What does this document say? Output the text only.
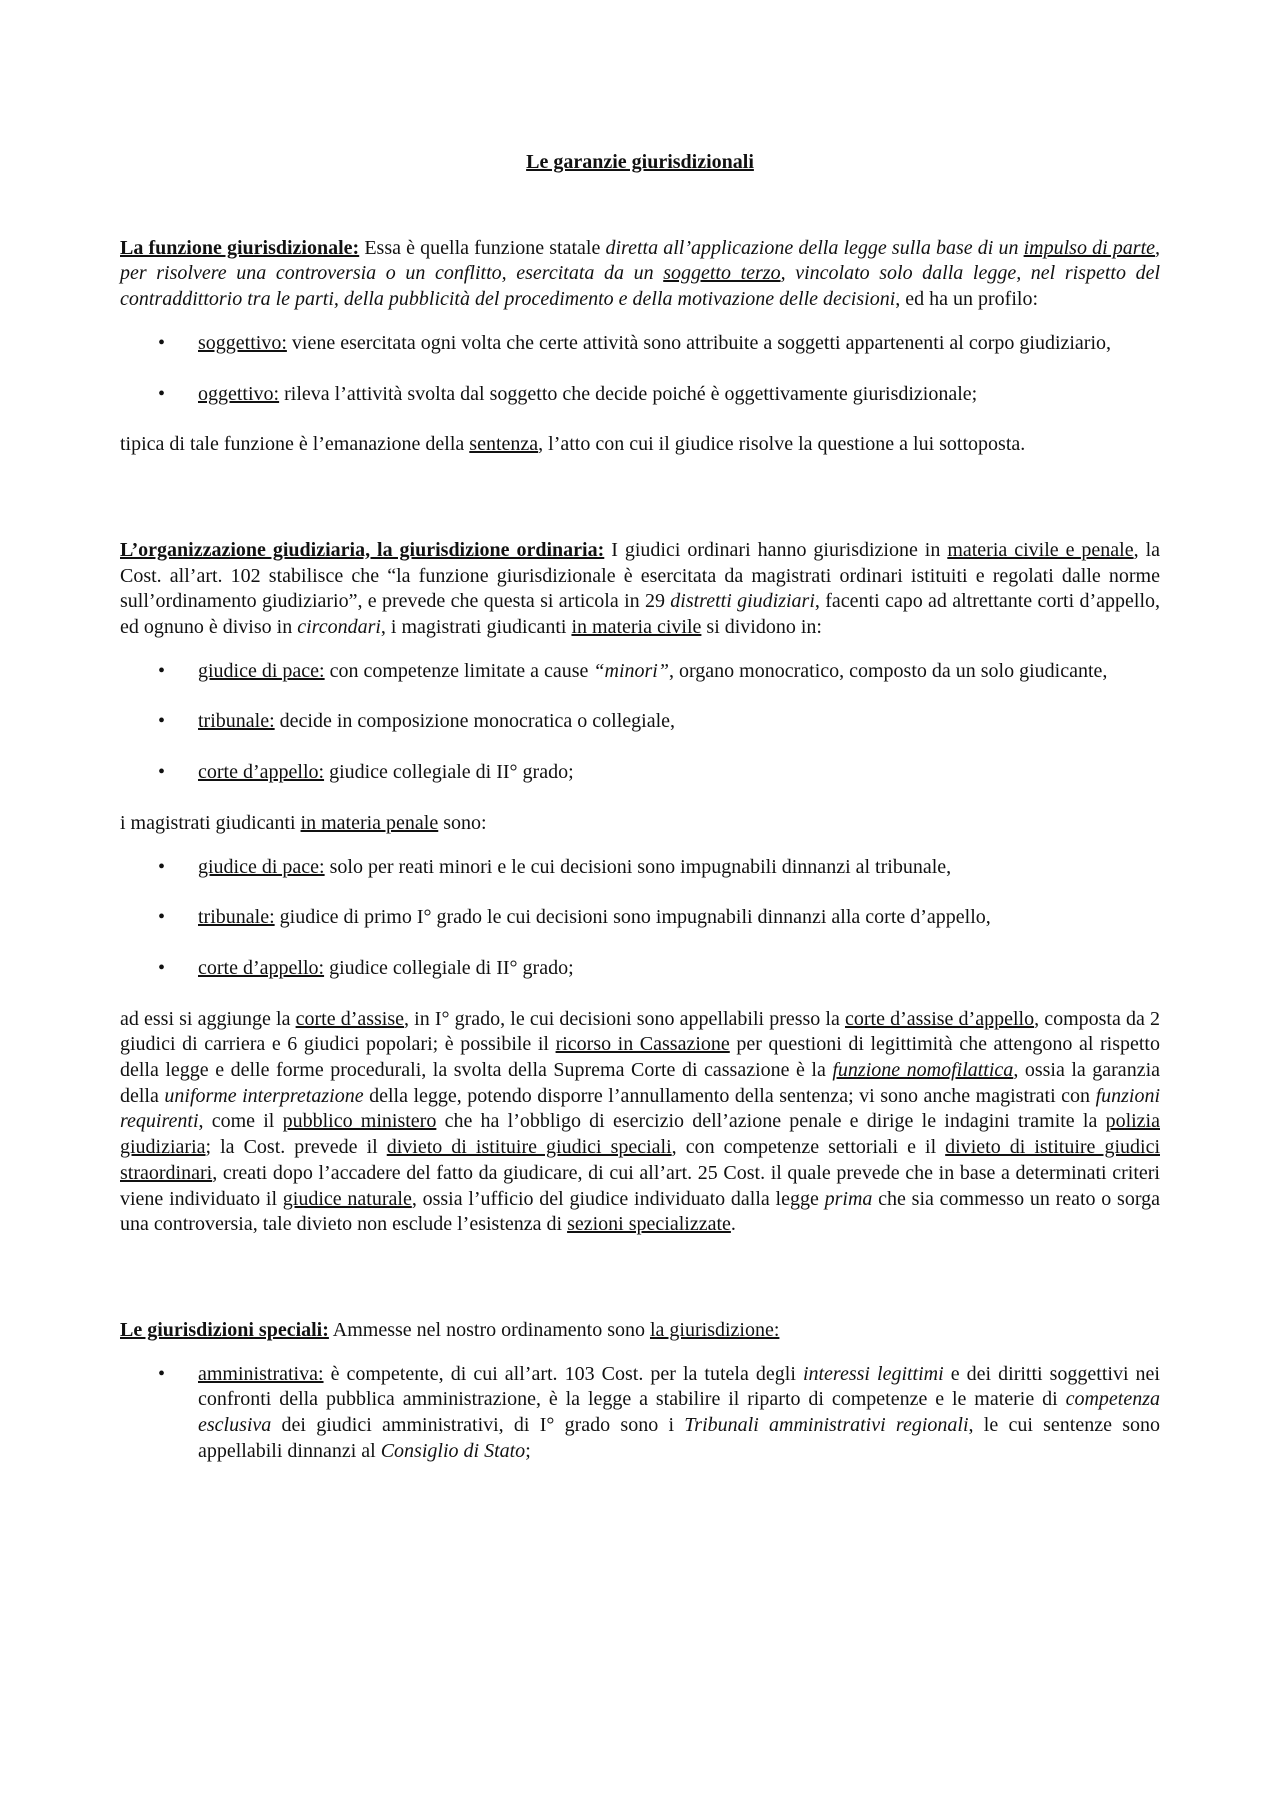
Le garanzie giurisdizionali

La funzione giurisdizionale: Essa è quella funzione statale diretta all’applicazione della legge sulla base di un impulso di parte, per risolvere una controversia o un conflitto, esercitata da un soggetto terzo, vincolato solo dalla legge, nel rispetto del contraddittorio tra le parti, della pubblicità del procedimento e della motivazione delle decisioni, ed ha un profilo:

• soggettivo: viene esercitata ogni volta che certe attività sono attribuite a soggetti appartenenti al corpo giudiziario,
• oggettivo: rileva l’attività svolta dal soggetto che decide poiché è oggettivamente giurisdizionale;

tipica di tale funzione è l’emanazione della sentenza, l’atto con cui il giudice risolve la questione a lui sottoposta.

L’organizzazione giudiziaria, la giurisdizione ordinaria: I giudici ordinari hanno giurisdizione in materia civile e penale, la Cost. all’art. 102 stabilisce che “la funzione giurisdizionale è esercitata da magistrati ordinari istituiti e regolati dalle norme sull’ordinamento giudiziario”, e prevede che questa si articola in 29 distretti giudiziari, facenti capo ad altrettante corti d’appello, ed ognuno è diviso in circondari, i magistrati giudicanti in materia civile si dividono in:

• giudice di pace: con competenze limitate a cause “minori”, organo monocratico, composto da un solo giudicante,
• tribunale: decide in composizione monocratica o collegiale,
• corte d’appello: giudice collegiale di II° grado;

i magistrati giudicanti in materia penale sono:

• giudice di pace: solo per reati minori e le cui decisioni sono impugnabili dinnanzi al tribunale,
• tribunale: giudice di primo I° grado le cui decisioni sono impugnabili dinnanzi alla corte d’appello,
• corte d’appello: giudice collegiale di II° grado;

ad essi si aggiunge la corte d’assise, in I° grado, le cui decisioni sono appellabili presso la corte d’assise d’appello, composta da 2 giudici di carriera e 6 giudici popolari; è possibile il ricorso in Cassazione per questioni di legittimità che attengono al rispetto della legge e delle forme procedurali, la svolta della Suprema Corte di cassazione è la funzione nomofilattica, ossia la garanzia della uniforme interpretazione della legge, potendo disporre l’annullamento della sentenza; vi sono anche magistrati con funzioni requirenti, come il pubblico ministero che ha l’obbligo di esercizio dell’azione penale e dirige le indagini tramite la polizia giudiziaria; la Cost. prevede il divieto di istituire giudici speciali, con competenze settoriali e il divieto di istituire giudici straordinari, creati dopo l’accadere del fatto da giudicare, di cui all’art. 25 Cost. il quale prevede che in base a determinati criteri viene individuato il giudice naturale, ossia l’ufficio del giudice individuato dalla legge prima che sia commesso un reato o sorga una controversia, tale divieto non esclude l’esistenza di sezioni specializzate.

Le giurisdizioni speciali: Ammesse nel nostro ordinamento sono la giurisdizione:

• amministrativa: è competente, di cui all’art. 103 Cost. per la tutela degli interessi legittimi e dei diritti soggettivi nei confronti della pubblica amministrazione, è la legge a stabilire il riparto di competenze e le materie di competenza esclusiva dei giudici amministrativi, di I° grado sono i Tribunali amministrativi regionali, le cui sentenze sono appellabili dinnanzi al Consiglio di Stato;
